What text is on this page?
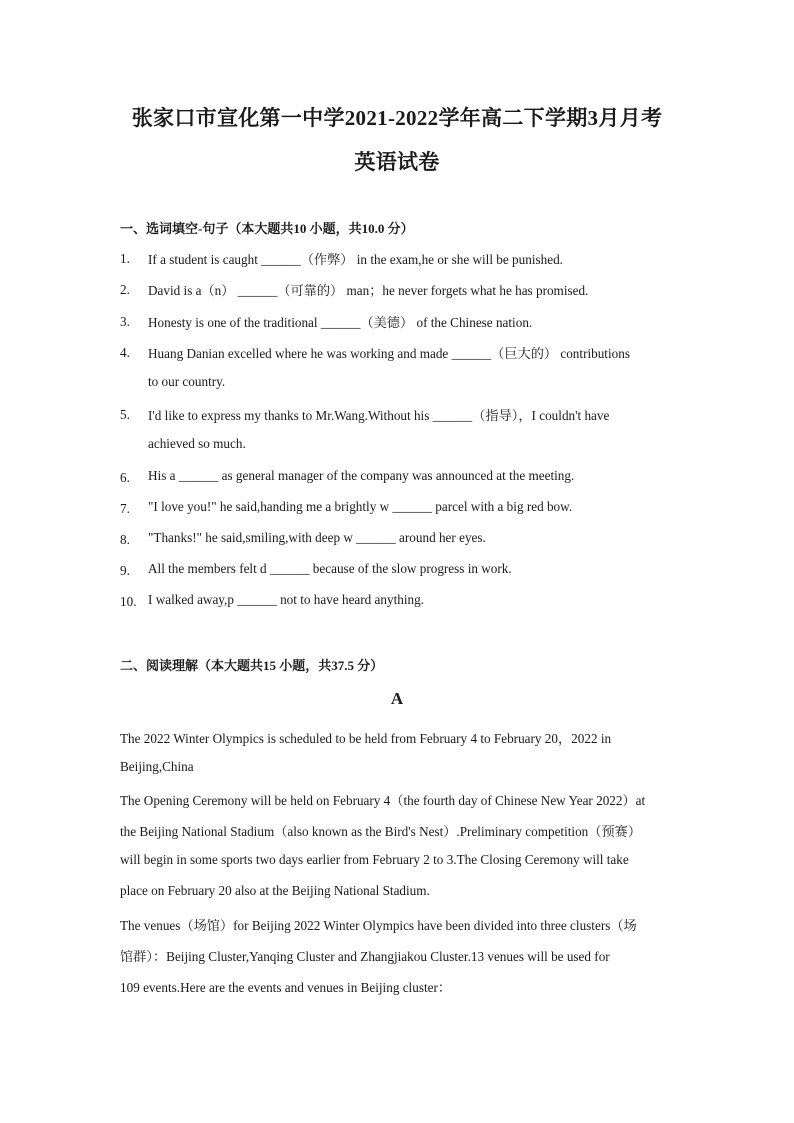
张家口市宣化第一中学2021-2022学年高二下学期3月月考
英语试卷
一、选词填空-句子（本大题共10 小题，共10.0 分）
1.	If a student is caught ______（作弊） in the exam,he or she will be punished.
2.	David is a（n） ______（可靠的） man；he never forgets what he has promised.
3.	Honesty is one of the traditional ______（美德） of the Chinese nation.
4.	Huang Danian excelled where he was working and made ______（巨大的） contributions
to our country.
5.	I'd like to express my thanks to Mr.Wang.Without his ______（指导），I couldn't have
achieved so much.
6.	His a ______ as general manager of the company was announced at the meeting.
7.	"I love you!" he said,handing me a brightly w ______ parcel with a big red bow.
8.	"Thanks!" he said,smiling,with deep w ______ around her eyes.
9.	All the members felt d ______ because of the slow progress in work.
10. I walked away,p ______ not to have heard anything.
二、阅读理解（本大题共15 小题，共37.5 分）
A
The 2022 Winter Olympics is scheduled to be held from February 4 to February 20，2022 in
Beijing,China
The Opening Ceremony will be held on February 4（the fourth day of Chinese New Year 2022）at
the Beijing National Stadium（also known as the Bird's Nest）.Preliminary competition（预赛）
will begin in some sports two days earlier from February 2 to 3.The Closing Ceremony will take
place on February 20 also at the Beijing National Stadium.
The venues（场馆）for Beijing 2022 Winter Olympics have been divided into three clusters（场
馆群）：Beijing Cluster,Yanqing Cluster and Zhangjiakou Cluster.13 venues will be used for
109 events.Here are the events and venues in Beijing cluster：
